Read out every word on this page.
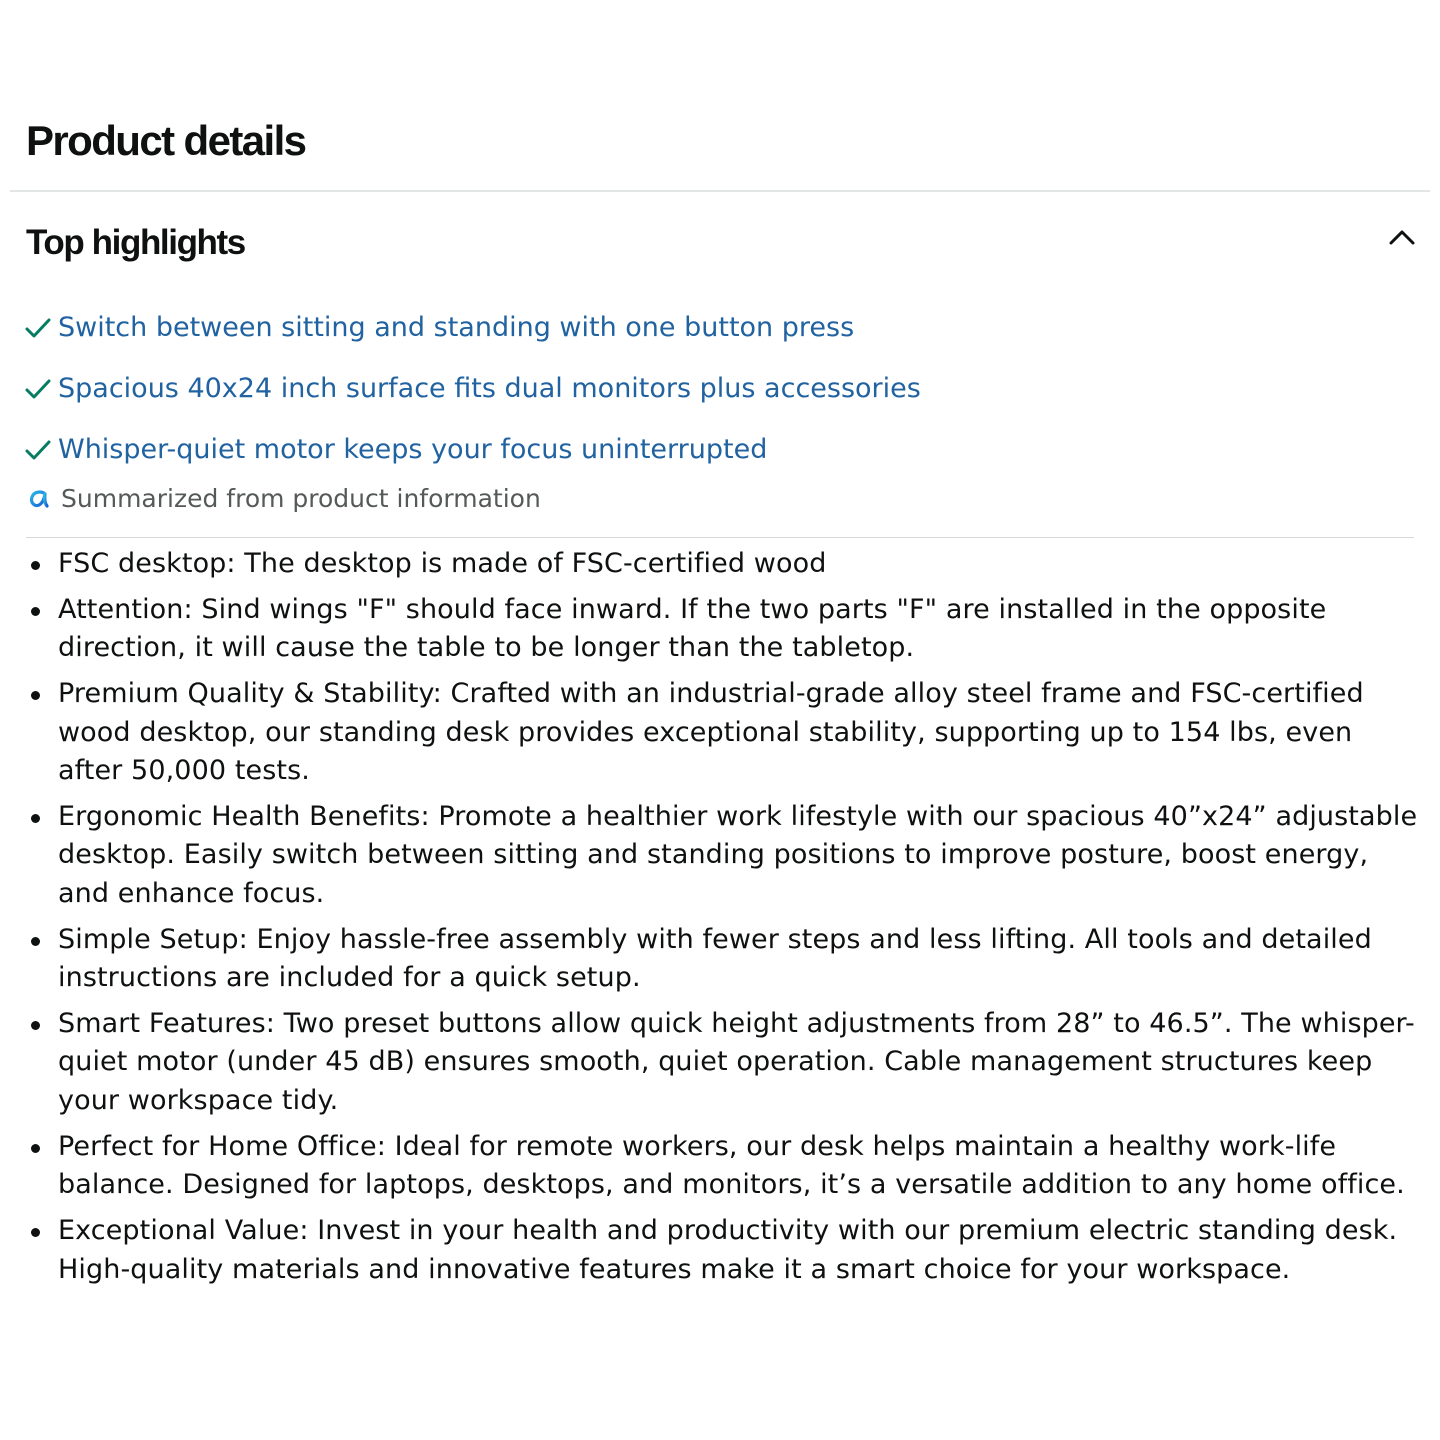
Product details
Top highlights
Switch between sitting and standing with one button press
Spacious 40x24 inch surface fits dual monitors plus accessories
Whisper-quiet motor keeps your focus uninterrupted
Summarized from product information
FSC desktop: The desktop is made of FSC-certified wood
Attention: Sind wings "F" should face inward. If the two parts "F" are installed in the opposite direction, it will cause the table to be longer than the tabletop.
Premium Quality & Stability: Crafted with an industrial-grade alloy steel frame and FSC-certified wood desktop, our standing desk provides exceptional stability, supporting up to 154 lbs, even after 50,000 tests.
Ergonomic Health Benefits: Promote a healthier work lifestyle with our spacious 40”x24” adjustable desktop. Easily switch between sitting and standing positions to improve posture, boost energy, and enhance focus.
Simple Setup: Enjoy hassle-free assembly with fewer steps and less lifting. All tools and detailed instructions are included for a quick setup.
Smart Features: Two preset buttons allow quick height adjustments from 28” to 46.5”. The whisper-quiet motor (under 45 dB) ensures smooth, quiet operation. Cable management structures keep your workspace tidy.
Perfect for Home Office: Ideal for remote workers, our desk helps maintain a healthy work-life balance. Designed for laptops, desktops, and monitors, it’s a versatile addition to any home office.
Exceptional Value: Invest in your health and productivity with our premium electric standing desk. High-quality materials and innovative features make it a smart choice for your workspace.
